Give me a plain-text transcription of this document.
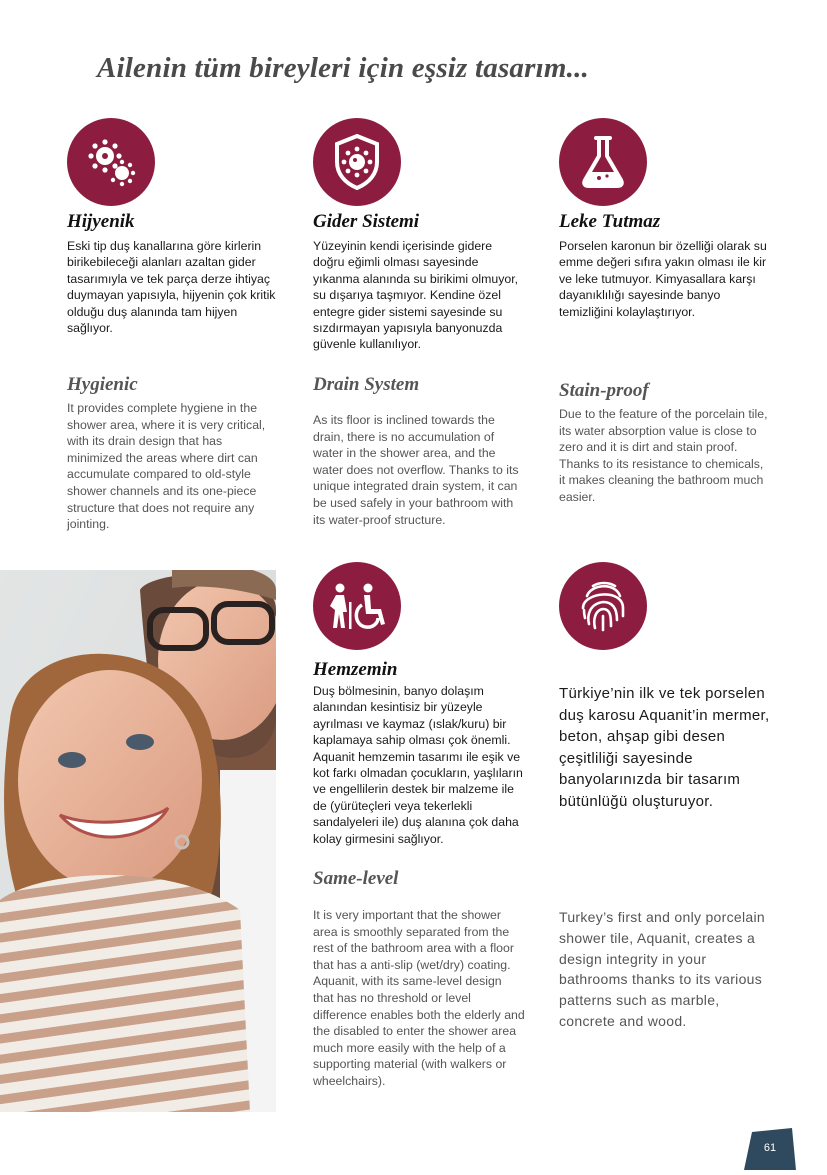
Ailenin tüm bireyleri için eşsiz tasarım...
Hijyenik
Eski tip duş kanallarına göre kirlerin birikebileceği alanları azaltan gider tasarımıyla ve tek parça derze ihtiyaç duymayan yapısıyla, hijyenin çok kritik olduğu duş alanında tam hijyen sağlıyor.
Hygienic
It provides complete hygiene in the shower area, where it is very critical, with its drain design that has minimized the areas where dirt can accumulate compared to old-style shower channels and its one-piece structure that does not require any jointing.
Gider Sistemi
Yüzeyinin kendi içerisinde gidere doğru eğimli olması sayesinde yıkanma alanında su birikimi olmuyor, su dışarıya taşmıyor. Kendine özel entegre gider sistemi sayesinde su sızdırmayan yapısıyla banyonuzda güvenle kullanılıyor.
Drain System
As its floor is inclined towards the drain, there is no accumulation of water in the shower area, and the water does not overflow. Thanks to its unique integrated drain system, it can be used safely in your bathroom with its water-proof structure.
Leke Tutmaz
Porselen karonun bir özelliği olarak su emme değeri sıfıra yakın olması ile kir ve leke tutmuyor. Kimyasallara karşı dayanıklılığı sayesinde banyo temizliğini kolaylaştırıyor.
Stain-proof
Due to the feature of the porcelain tile, its water absorption value is close to zero and it is dirt and stain proof. Thanks to its resistance to chemicals, it makes cleaning the bathroom much easier.
Hemzemin
Duş bölmesinin, banyo dolaşım alanından kesintisiz bir yüzeyle ayrılması ve kaymaz (ıslak/kuru) bir kaplamaya sahip olması çok önemli. Aquanit hemzemin tasarımı ile eşik ve kot farkı olmadan çocukların, yaşlıların ve engellilerin destek bir malzeme ile de (yürüteçleri veya tekerlekli sandalyeleri ile) duş alanına çok daha kolay girmesini sağlıyor.
Same-level
It is very important that the shower area is smoothly separated from the rest of the bathroom area with a floor that has a anti-slip (wet/dry) coating. Aquanit, with its same-level design that has no threshold or level difference enables both the elderly and the disabled to enter the shower area much more easily with the help of a supporting material (with walkers or wheelchairs).
Türkiye’nin ilk ve tek porselen duş karosu Aquanit’in mermer, beton, ahşap gibi desen çeşitliliği sayesinde banyolarınızda bir tasarım bütünlüğü oluşturuyor.
Turkey’s first and only porcelain shower tile, Aquanit, creates a design integrity in your bathrooms thanks to its various patterns such as marble, concrete and wood.
61
